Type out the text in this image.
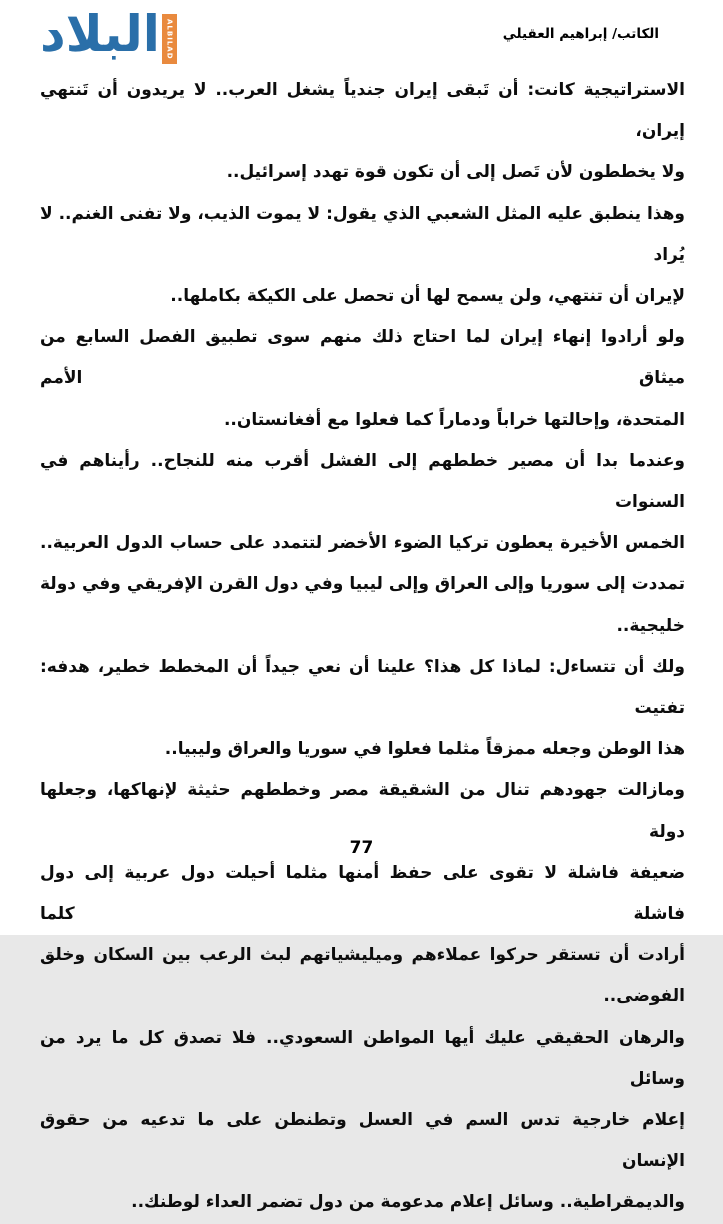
البلاد ALBILAD	الكاتب/ إبراهيم العقيلي
الاستراتيجية كانت: أن تَبقى إيران جندياً يشغل العرب.. لا يريدون أن تَنتهي إيران،
ولا يخططون لأن تَصل إلى أن تكون قوة تهدد إسرائيل..
وهذا ينطبق عليه المثل الشعبي الذي يقول: لا يموت الذيب، ولا تفنى الغنم.. لا يُراد
لإيران أن تنتهي، ولن يسمح لها أن تحصل على الكيكة بكاملها..
ولو أرادوا إنهاء إيران لما احتاج ذلك منهم سوى تطبيق الفصل السابع من ميثاق الأمم
المتحدة، وإحالتها خراباً ودماراً كما فعلوا مع أفغانستان..
وعندما بدا أن مصير خططهم إلى الفشل أقرب منه للنجاح.. رأيناهم في السنوات
الخمس الأخيرة يعطون تركيا الضوء الأخضر لتتمدد على حساب الدول العربية..
تمددت إلى سوريا وإلى العراق وإلى ليبيا وفي دول القرن الإفريقي وفي دولة خليجية..
ولك أن تتساءل: لماذا كل هذا؟ علينا أن نعي جيداً أن المخطط خطير، هدفه: تفتيت
هذا الوطن وجعله ممزقاً مثلما فعلوا في سوريا والعراق وليبيا..
ومازالت جهودهم تنال من الشقيقة مصر وخططهم حثيثة لإنهاكها، وجعلها دولة
ضعيفة فاشلة لا تقوى على حفظ أمنها مثلما أحيلت دول عربية إلى دول فاشلة كلما
أرادت أن تستقر حركوا عملاءهم وميليشياتهم لبث الرعب بين السكان وخلق
الفوضى..
والرهان الحقيقي عليك أيها المواطن السعودي.. فلا تصدق كل ما يرد من وسائل
إعلام خارجية تدس السم في العسل وتطنطن على ما تدعيه من حقوق الإنسان
والديمقراطية.. وسائل إعلام مدعومة من دول تضمر العداء لوطنك..
77
